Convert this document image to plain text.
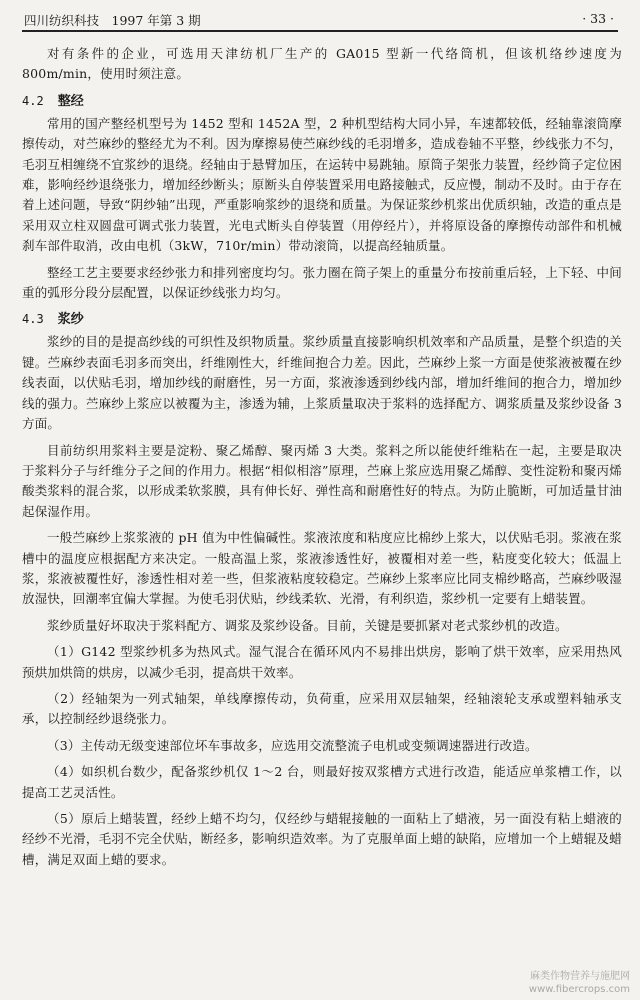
四川纺织科技　1997 年第 3 期	· 33 ·

对有条件的企业，可选用天津纺机厂生产的 GA015 型新一代络筒机，但该机络纱速度为 800m/min，使用时须注意。

4.2 整经

常用的国产整经机型号为 1452 型和 1452A 型，2 种机型结构大同小异，车速都较低，经轴靠滚筒摩擦传动，对苎麻纱的整经尤为不利。因为摩擦易使苎麻纱线的毛羽增多，造成卷轴不平整，纱线张力不匀，毛羽互相缠绕不宜浆纱的退绕。经轴由于悬臂加压，在运转中易跳轴。原筒子架张力装置，经纱筒子定位困难，影响经纱退绕张力，增加经纱断头；原断头自停装置采用电路接触式，反应慢，制动不及时。由于存在着上述问题，导致“阴纱轴”出现，严重影响浆纱的退绕和质量。为保证浆纱机浆出优质织轴，改造的重点是采用双立柱双圆盘可调式张力装置，光电式断头自停装置（用停经片），并将原设备的摩擦传动部件和机械刹车部件取消，改由电机（3kW，710r/min）带动滚筒，以提高经轴质量。

整经工艺主要要求经纱张力和排列密度均匀。张力圈在筒子架上的重量分布按前重后轻，上下轻、中间重的弧形分段分层配置，以保证纱线张力均匀。

4.3 浆纱

浆纱的目的是提高纱线的可织性及织物质量。浆纱质量直接影响织机效率和产品质量，是整个织造的关键。苎麻纱表面毛羽多而突出，纤维刚性大，纤维间抱合力差。因此，苎麻纱上浆一方面是使浆液被覆在纱线表面，以伏贴毛羽，增加纱线的耐磨性，另一方面，浆液渗透到纱线内部，增加纤维间的抱合力，增加纱线的强力。苎麻纱上浆应以被覆为主，渗透为辅，上浆质量取决于浆料的选择配方、调浆质量及浆纱设备 3 方面。

目前纺织用浆料主要是淀粉、聚乙烯醇、聚丙烯 3 大类。浆料之所以能使纤维粘在一起，主要是取决于浆料分子与纤维分子之间的作用力。根据“相似相溶”原理，苎麻上浆应选用聚乙烯醇、变性淀粉和聚丙烯酸类浆料的混合浆，以形成柔软浆膜，具有伸长好、弹性高和耐磨性好的特点。为防止脆断，可加适量甘油起保湿作用。

一般苎麻纱上浆浆液的 pH 值为中性偏碱性。浆液浓度和粘度应比棉纱上浆大，以伏贴毛羽。浆液在浆槽中的温度应根据配方来决定。一般高温上浆，浆液渗透性好，被覆相对差一些，粘度变化较大；低温上浆，浆液被覆性好，渗透性相对差一些，但浆液粘度较稳定。苎麻纱上浆率应比同支棉纱略高，苎麻纱吸湿放湿快，回潮率宜偏大掌握。为使毛羽伏贴，纱线柔软、光滑，有利织造，浆纱机一定要有上蜡装置。

浆纱质量好坏取决于浆料配方、调浆及浆纱设备。目前，关键是要抓紧对老式浆纱机的改造。

（1）G142 型浆纱机多为热风式。湿气混合在循环风内不易排出烘房，影响了烘干效率，应采用热风预烘加烘筒的烘房，以减少毛羽，提高烘干效率。

（2）经轴架为一列式轴架，单线摩擦传动，负荷重，应采用双层轴架，经轴滚轮支承或塑料轴承支承，以控制经纱退绕张力。

（3）主传动无级变速部位坏车事故多，应选用交流整流子电机或变频调速器进行改造。

（4）如织机台数少，配备浆纱机仅 1～2 台，则最好按双浆槽方式进行改造，能适应单浆槽工作，以提高工艺灵活性。

（5）原后上蜡装置，经纱上蜡不均匀，仅经纱与蜡辊接触的一面粘上了蜡液，另一面没有粘上蜡液的经纱不光滑，毛羽不完全伏贴，断经多，影响织造效率。为了克服单面上蜡的缺陷，应增加一个上蜡辊及蜡槽，满足双面上蜡的要求。

麻类作物营养与施肥网
www.fibercrops.com
